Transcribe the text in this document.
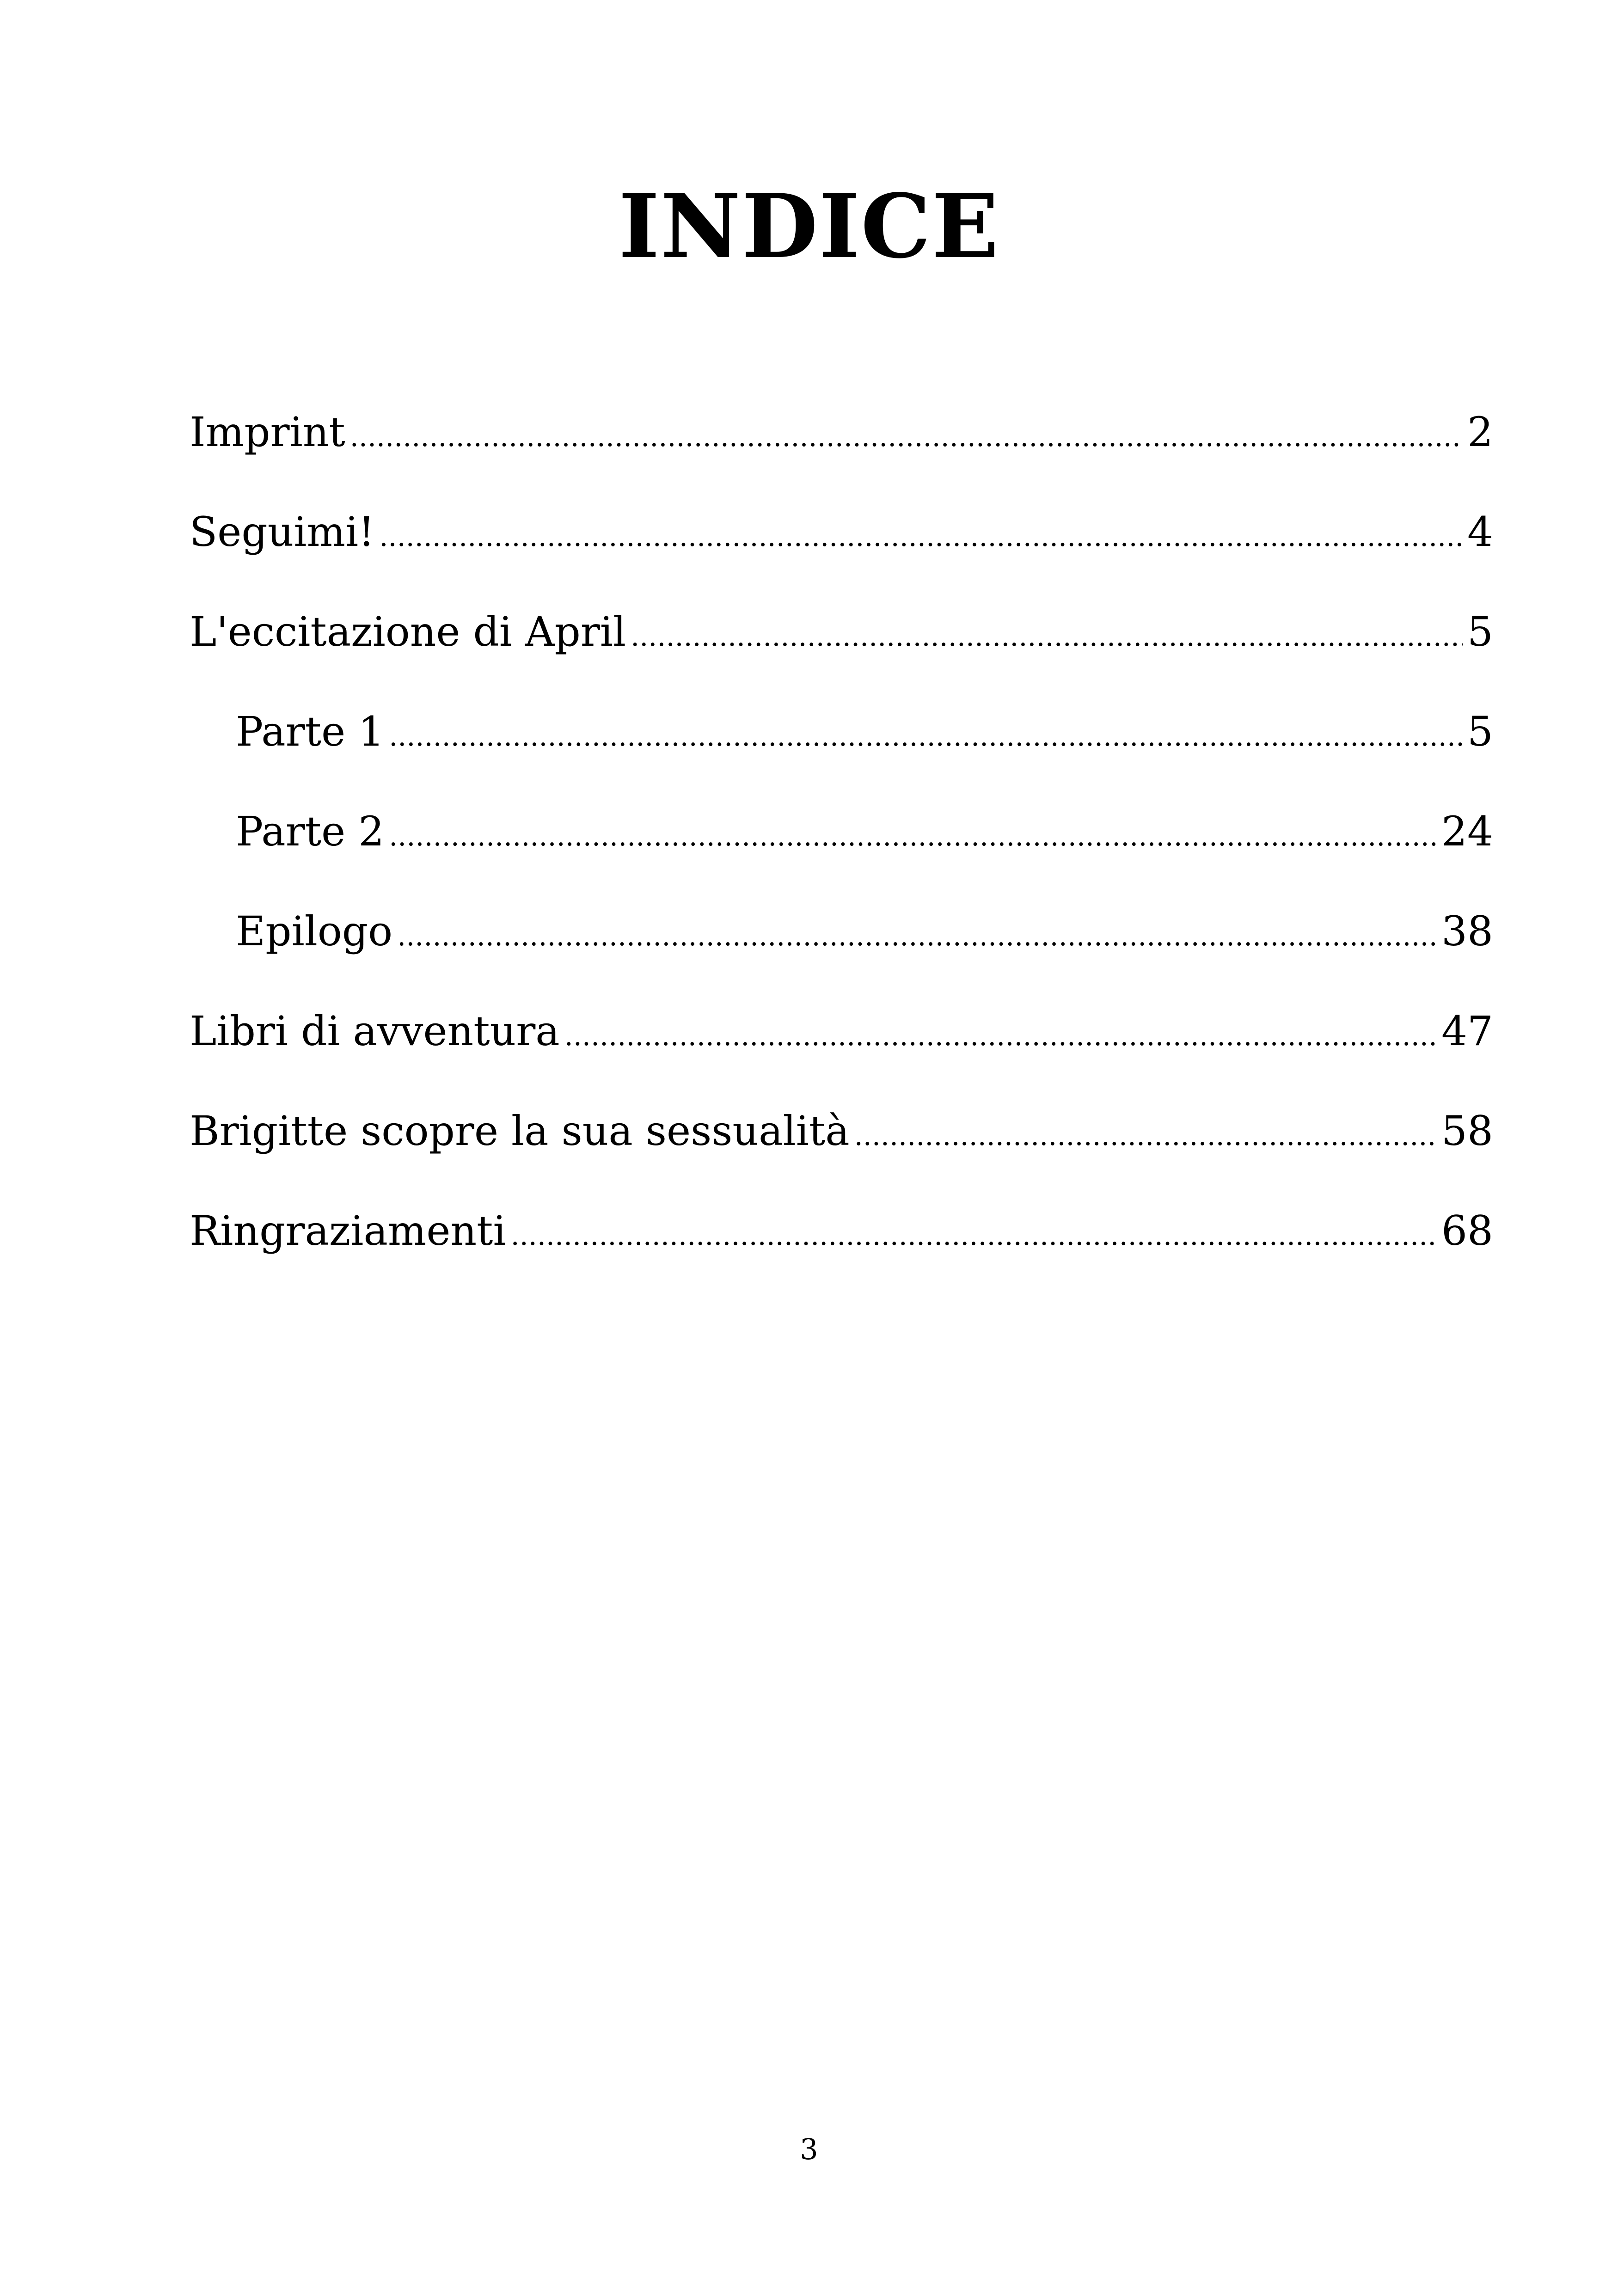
INDICE
Imprint .....	2
Seguimi! .....	4
L'eccitazione di April .....	5
Parte 1 .....	5
Parte 2 .....	24
Epilogo .....	38
Libri di avventura .....	47
Brigitte scopre la sua sessualità .....	58
Ringraziamenti .....	68
3
